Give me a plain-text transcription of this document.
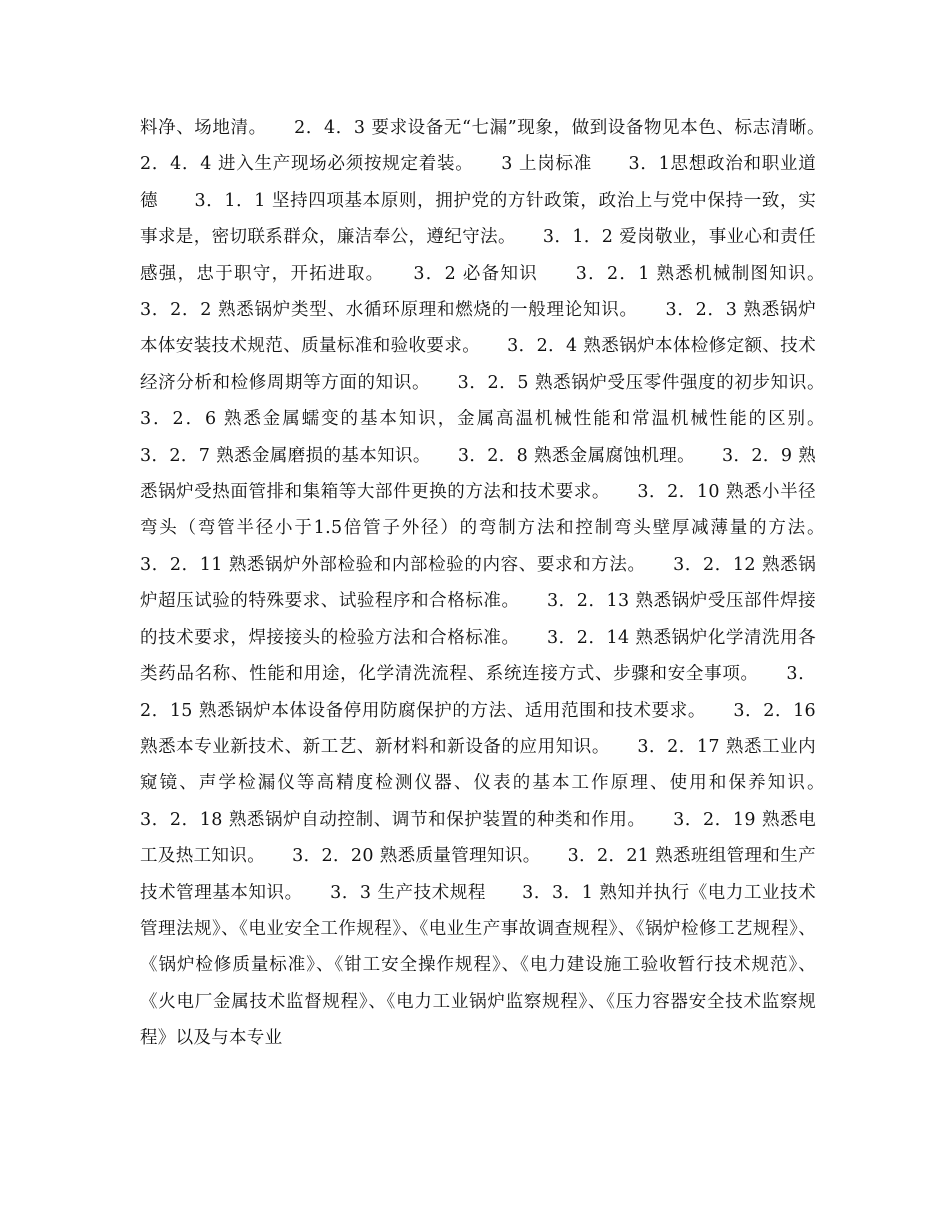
料净、场地清。　　2．4．3 要求设备无“七漏”现象，做到设备物见本色、标志清晰。　　2．4．4 进入生产现场必须按规定着装。　　3 上岗标准　　3．1思想政治和职业道德　　3．1．1 坚持四项基本原则，拥护党的方针政策，政治上与党中保持一致，实事求是，密切联系群众，廉洁奉公，遵纪守法。　　3．1．2 爱岗敬业，事业心和责任感强，忠于职守，开拓进取。　　3．2 必备知识　　3．2．1 熟悉机械制图知识。　　3．2．2 熟悉锅炉类型、水循环原理和燃烧的一般理论知识。　　3．2．3 熟悉锅炉本体安装技术规范、质量标准和验收要求。　　3．2．4 熟悉锅炉本体检修定额、技术经济分析和检修周期等方面的知识。　　3．2．5 熟悉锅炉受压零件强度的初步知识。　　3．2．6 熟悉金属蠕变的基本知识，金属高温机械性能和常温机械性能的区别。　　3．2．7 熟悉金属磨损的基本知识。　　3．2．8 熟悉金属腐蚀机理。　　3．2．9 熟悉锅炉受热面管排和集箱等大部件更换的方法和技术要求。　　3．2．10 熟悉小半径弯头（弯管半径小于1.5倍管子外径）的弯制方法和控制弯头壁厚减薄量的方法。　　3．2．11 熟悉锅炉外部检验和内部检验的内容、要求和方法。　　3．2．12 熟悉锅炉超压试验的特殊要求、试验程序和合格标准。　　3．2．13 熟悉锅炉受压部件焊接的技术要求，焊接接头的检验方法和合格标准。　　3．2．14 熟悉锅炉化学清洗用各类药品名称、性能和用途，化学清洗流程、系统连接方式、步骤和安全事项。　　3．2．15 熟悉锅炉本体设备停用防腐保护的方法、适用范围和技术要求。　　3．2．16 熟悉本专业新技术、新工艺、新材料和新设备的应用知识。　　3．2．17 熟悉工业内窥镜、声学检漏仪等高精度检测仪器、仪表的基本工作原理、使用和保养知识。　　3．2．18 熟悉锅炉自动控制、调节和保护装置的种类和作用。　　3．2．19 熟悉电工及热工知识。　　3．2．20 熟悉质量管理知识。　　3．2．21 熟悉班组管理和生产技术管理基本知识。　　3．3 生产技术规程　　3．3．1 熟知并执行《电力工业技术管理法规》、《电业安全工作规程》、《电业生产事故调查规程》、《锅炉检修工艺规程》、《锅炉检修质量标准》、《钳工安全操作规程》、《电力建设施工验收暂行技术规范》、《火电厂金属技术监督规程》、《电力工业锅炉监察规程》、《压力容器安全技术监察规程》以及与本专业
